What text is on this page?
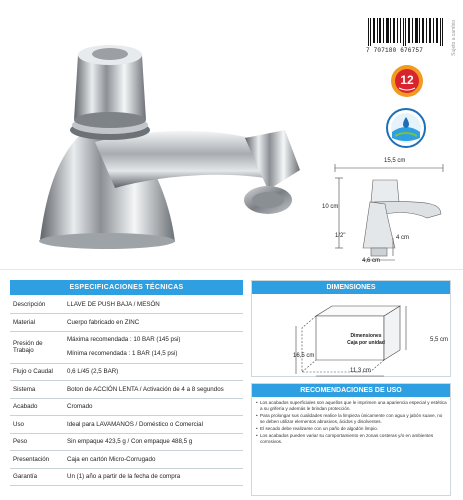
7 707180 676757	Sujeto a cambio
12
15,5 cm
10 cm
1/2"
4,6 cm
4 cm
ESPECIFICACIONES TÉCNICAS
Descripción	LLAVE DE PUSH BAJA / MESÓN
Material	Cuerpo fabricado en ZINC
Presión de Trabajo	Máxima recomendada : 10 BAR (145 psi)
Mínima recomendada : 1 BAR (14,5 psi)

Flujo o Caudal	0,6 L/45 (2,5 BAR)
Sistema	Boton de ACCIÓN LENTA / Activación de 4 a 8 segundos
Acabado	Cromado
Uso	Ideal para LAVAMANOS / Doméstico o Comercial
Peso	Sin empaque 423,5 g / Con empaque 488,5 g
Presentación	Caja en cartón Micro-Corrugado
Garantía	Un (1) año a partir de la fecha de compra
DIMENSIONES
Dimensiones
Caja por unidad
16,5 cm
5,5 cm
11,3 cm
RECOMENDACIONES DE USO
• Los acabados superficiales son aquellos que le imprimen una apariencia especial y estética a su grifería y además le brindan protección.
• Para prolongar sus cualidades realice la limpieza únicamente con agua y jabón suave, no se deben utilizar elementos abrasivos, ácidos y disolventes.
• El secado debe realizarse con un paño de algodón limpio.
• Los acabados pueden variar su comportamiento en zonas costeras y/o en ambientes corrosivos.
